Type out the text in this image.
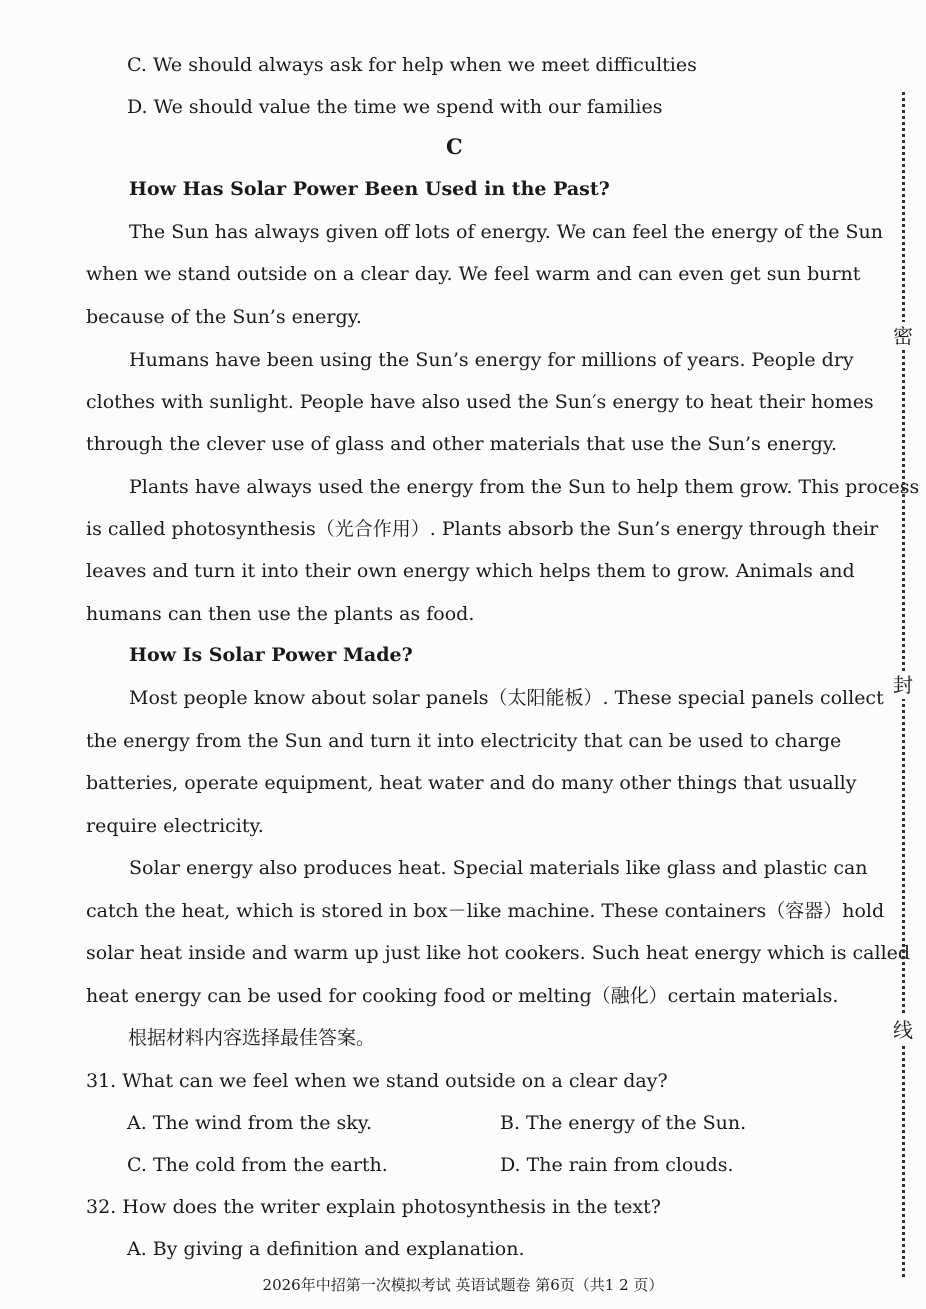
C. We should always ask for help when we meet difficulties
D. We should value the time we spend with our families
C
How Has Solar Power Been Used in the Past?
The Sun has always given off lots of energy. We can feel the energy of the Sun
when we stand outside on a clear day. We feel warm and can even get sun burnt
because of the Sun’s energy.
Humans have been using the Sun’s energy for millions of years. People dry
clothes with sunlight. People have also used the Sun′s energy to heat their homes
through the clever use of glass and other materials that use the Sun’s energy.
Plants have always used the energy from the Sun to help them grow. This process
is called photosynthesis（光合作用）. Plants absorb the Sun’s energy through their
leaves and turn it into their own energy which helps them to grow. Animals and
humans can then use the plants as food.
How Is Solar Power Made?
Most people know about solar panels（太阳能板）. These special panels collect
the energy from the Sun and turn it into electricity that can be used to charge
batteries, operate equipment, heat water and do many other things that usually
require electricity.
Solar energy also produces heat. Special materials like glass and plastic can
catch the heat, which is stored in box－like machine. These containers（容器）hold
solar heat inside and warm up just like hot cookers. Such heat energy which is called
heat energy can be used for cooking food or melting（融化）certain materials.
根据材料内容选择最佳答案。
31. What can we feel when we stand outside on a clear day?
A. The wind from the sky.	B. The energy of the Sun.
C. The cold from the earth.	D. The rain from clouds.
32. How does the writer explain photosynthesis in the text?
A. By giving a definition and explanation.
2026年中招第一次模拟考试 英语试题卷 第6页（共1 2 页）
密
封
线
